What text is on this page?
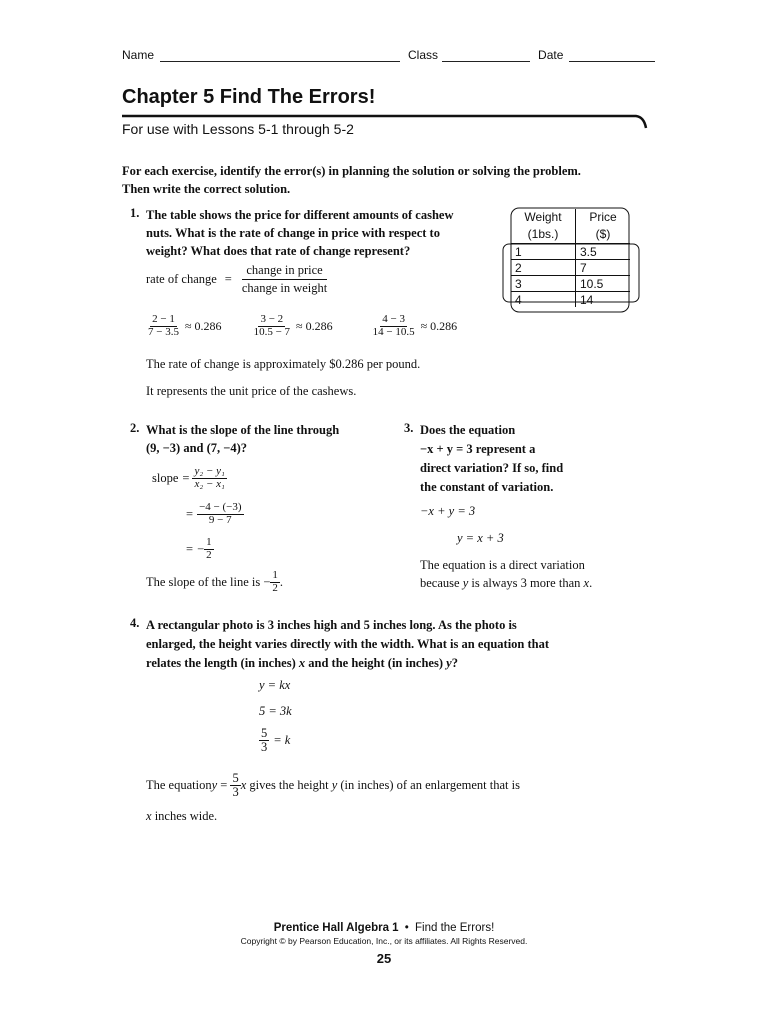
Name	Class	Date
Chapter 5 Find The Errors!
For use with Lessons 5-1 through 5-2
For each exercise, identify the error(s) in planning the solution or solving the problem. Then write the correct solution.
1. The table shows the price for different amounts of cashew
nuts. What is the rate of change in price with respect to
weight? What does that rate of change represent?
rate of change = $\frac{\text{change in price}}{\text{change in weight}}$
$\frac{2 - 1}{7 - 3.5} \approx 0.286$	$\frac{3 - 2}{10.5 - 7} \approx 0.286$	$\frac{4 - 3}{14 - 10.5} \approx 0.286$
The rate of change is approximately $0.286 per pound.
It represents the unit price of the cashews.
Weight	Price
(1bs.)	($)
1	3.5
2	7
3	10.5
4	14
2. What is the slope of the line through
(9, −3) and (7, −4)?
slope = $\frac{\text{y₂ − y₁}}{\text{x₂ − x₁}}$
= $\frac{-4 - (-3)}{9 - 7}$
= − $\frac{1}{2}$
The slope of the line is − $\frac{1}{2}$ .
3. Does the equation
−x + y = 3 represent a
direct variation? If so, find
the constant of variation.
−x + y = 3
y = x + 3
The equation is a direct variation
because y is always 3 more than x.
4. A rectangular photo is 3 inches high and 5 inches long. As the photo is
enlarged, the height varies directly with the width. What is an equation that
relates the length (in inches) x and the height (in inches) y?
y = kx
5 = 3k
$\frac{5}{3} = k$
The equation $y = \frac{5}{3}$ x gives the height y (in inches) of an enlargement that is
x inches wide.
Prentice Hall Algebra 1 • Find the Errors!
Copyright © by Pearson Education, Inc., or its affiliates. All Rights Reserved.
25
